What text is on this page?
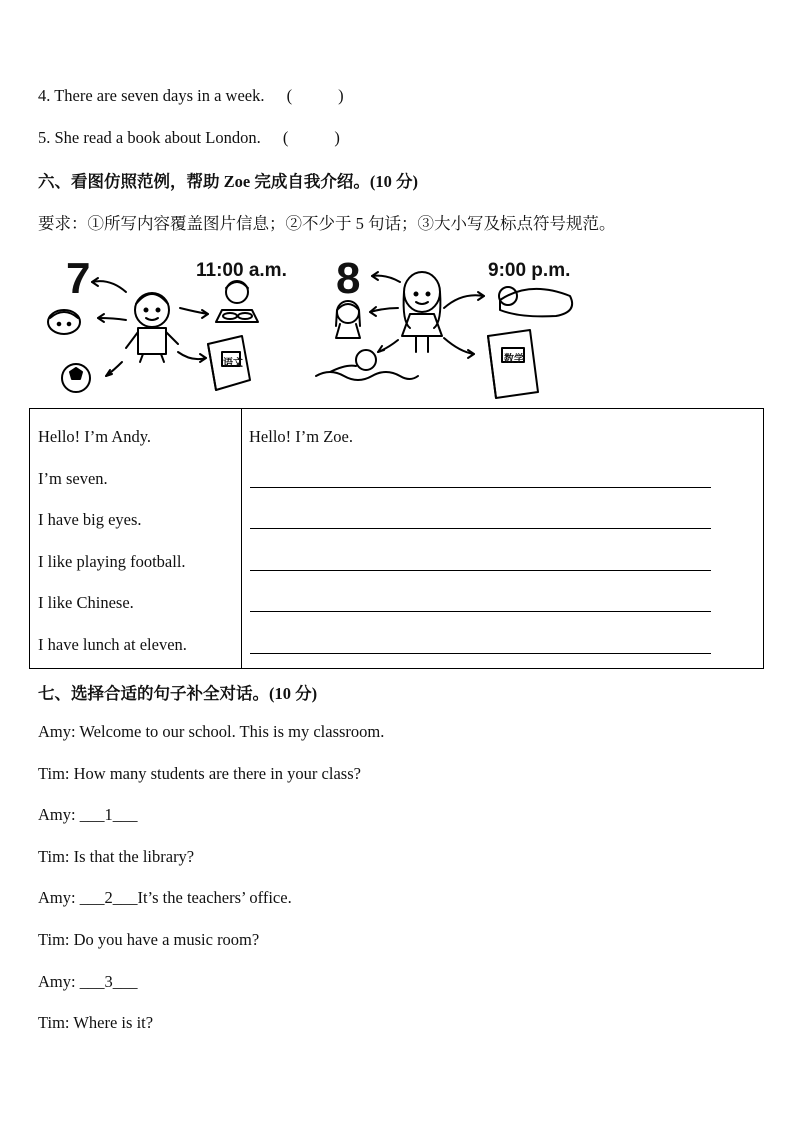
4. There are seven days in a week. (	)
5. She read a book about London. (	)
六、看图仿照范例，帮助 Zoe 完成自我介绍。(10 分)
要求：①所写内容覆盖图片信息；②不少于 5 句话；③大小写及标点符号规范。
7	11:00 a.m.
语文
8	9:00 p.m.
数学
Hello! I’m Andy.
I’m seven.
I have big eyes.
I like playing football.
I like Chinese.
I have lunch at eleven.
Hello! I’m Zoe.
七、选择合适的句子补全对话。(10 分)
Amy: Welcome to our school. This is my classroom.
Tim: How many students are there in your class?
Amy: ___1___
Tim: Is that the library?
Amy: ___2___It’s the teachers’ office.
Tim: Do you have a music room?
Amy: ___3___
Tim: Where is it?
